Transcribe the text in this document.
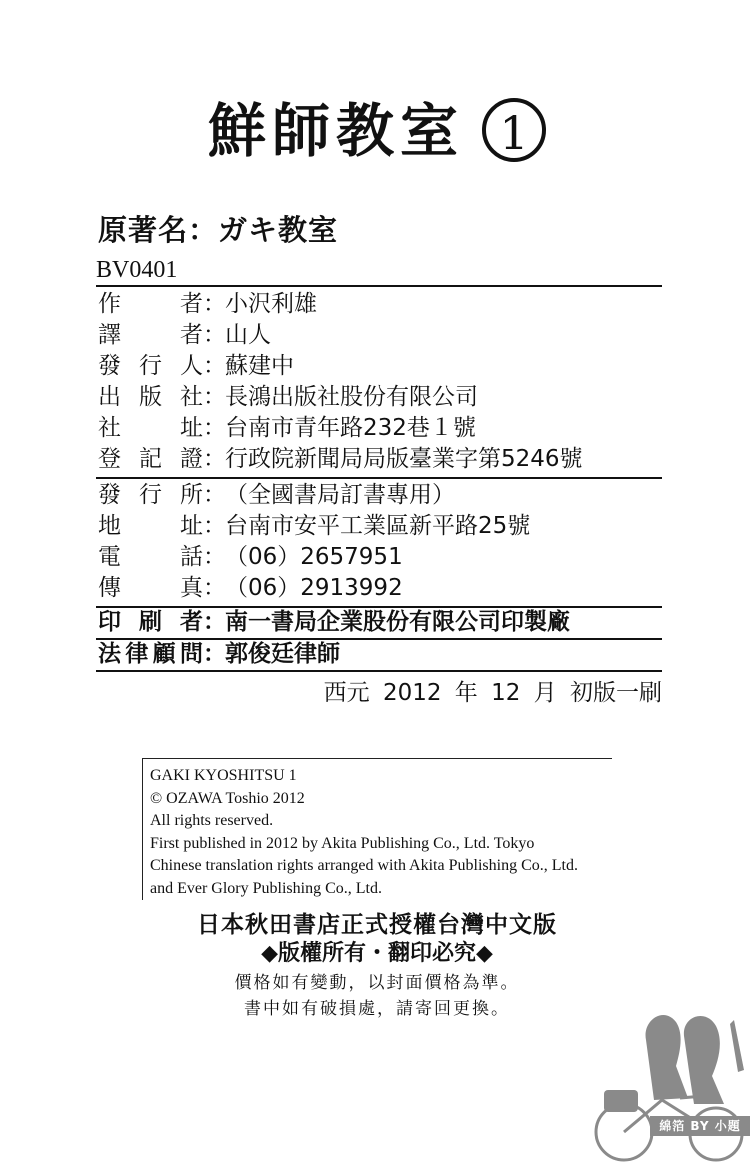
鮮師教室 1
原著名：ガキ教室
BV0401
作者：小沢利雄
譯者：山人
發行人：蘇建中
出版社：長鴻出版社股份有限公司
社址：台南市青年路232巷１號
登記證：行政院新聞局局版臺業字第5246號
發行所：（全國書局訂書專用）
地址：台南市安平工業區新平路25號
電話：（06）2657951
傳真：（06）2913992
印刷者：南一書局企業股份有限公司印製廠
法律顧問：郭俊廷律師
西元 2012 年 12 月 初版一刷
GAKI KYOSHITSU 1
© OZAWA Toshio 2012
All rights reserved.
First published in 2012 by Akita Publishing Co., Ltd. Tokyo
Chinese translation rights arranged with Akita Publishing Co., Ltd.
and Ever Glory Publishing Co., Ltd.
日本秋田書店正式授權台灣中文版
◆版權所有・翻印必究◆
價格如有變動，以封面價格為準。
書中如有破損處，請寄回更換。
綿箔 BY 小題
